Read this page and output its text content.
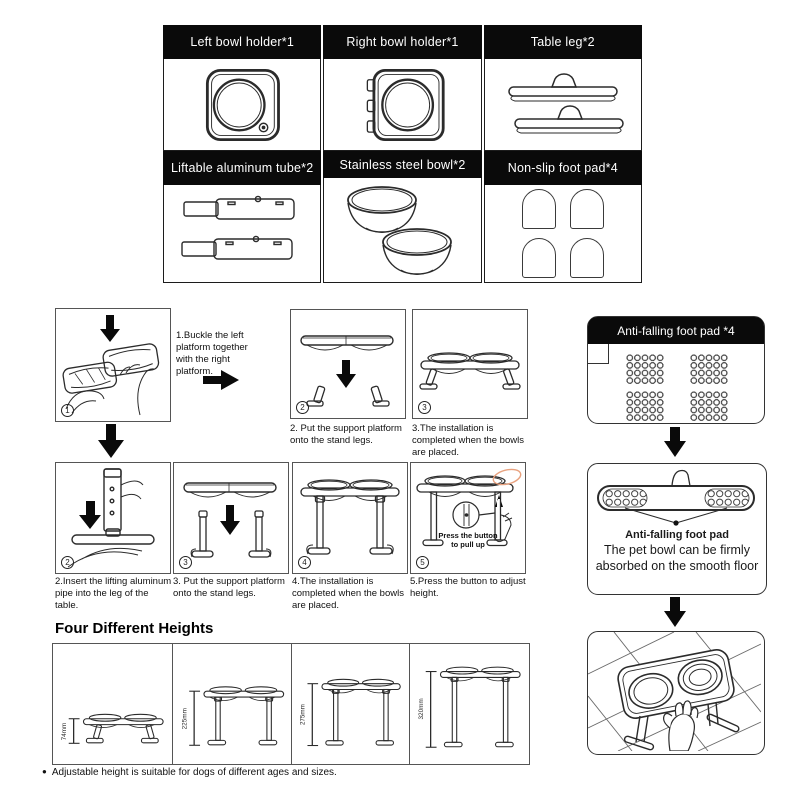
Left bowl holder*1	Right bowl holder*1	Table leg*2
Liftable aluminum tube*2	Stainless steel bowl*2	Non-slip foot pad*4
1
1.Buckle the left platform together with the right platform.
2
2. Put the support platform onto the stand legs.
3
3.The installation is completed when the bowls are placed.
2
2.Insert the lifting aluminum pipe into the leg of the table.
3
3. Put the support platform onto the stand legs.
4
4.The installation is completed when the bowls are placed.
5
Press the button to pull up
5.Press the button to adjust height.
Anti-falling foot pad *4
Anti-falling foot pad
The pet bowl can be firmly absorbed on the smooth floor
Four Different Heights
74mm
225mm	275mm	320mm
● Adjustable height is suitable for dogs of different ages and sizes.
